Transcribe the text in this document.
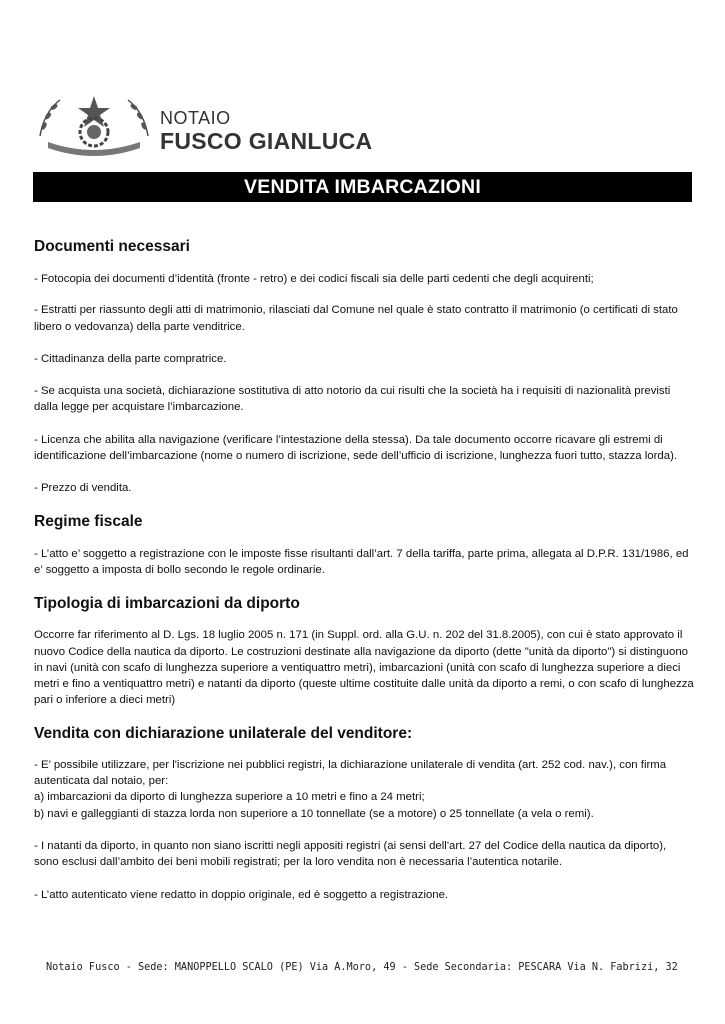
NOTAIO
FUSCO GIANLUCA
VENDITA IMBARCAZIONI
Documenti necessari

- Fotocopia dei documenti d’identità (fronte - retro) e dei codici fiscali sia delle parti cedenti che degli acquirenti;

- Estratti per riassunto degli atti di matrimonio, rilasciati dal Comune nel quale è stato contratto il matrimonio (o certificati di stato libero o vedovanza) della parte venditrice.

- Cittadinanza della parte compratrice.

- Se acquista una società, dichiarazione sostitutiva di atto notorio da cui risulti che la società ha i requisiti di nazionalità previsti dalla legge per acquistare l’imbarcazione.

- Licenza che abilita alla navigazione (verificare l’intestazione della stessa). Da tale documento occorre ricavare gli estremi di identificazione dell’imbarcazione (nome o numero di iscrizione, sede dell’ufficio di iscrizione, lunghezza fuori tutto, stazza lorda).

- Prezzo di vendita.

Regime fiscale

- L’atto e’ soggetto a registrazione con le imposte fisse risultanti dall’art. 7 della tariffa, parte prima, allegata al D.P.R. 131/1986, ed e’ soggetto a imposta di bollo secondo le regole ordinarie.

Tipologia di imbarcazioni da diporto

Occorre far riferimento al D. Lgs. 18 luglio 2005 n. 171 (in Suppl. ord. alla G.U. n. 202 del 31.8.2005), con cui è stato approvato il nuovo Codice della nautica da diporto. Le costruzioni destinate alla navigazione da diporto (dette "unità da diporto") si distinguono in navi (unità con scafo di lunghezza superiore a ventiquattro metri), imbarcazioni (unità con scafo di lunghezza superiore a dieci metri e fino a ventiquattro metri) e natanti da diporto (queste ultime costituite dalle unità da diporto a remi, o con scafo di lunghezza pari o inferiore a dieci metri)

Vendita con dichiarazione unilaterale del venditore:

- E’ possibile utilizzare, per l'iscrizione nei pubblici registri, la dichiarazione unilaterale di vendita (art. 252 cod. nav.), con firma autenticata dal notaio, per:
a) imbarcazioni da diporto di lunghezza superiore a 10 metri e fino a 24 metri;
b) navi e galleggianti di stazza lorda non superiore a 10 tonnellate (se a motore) o 25 tonnellate (a vela o remi).

- I natanti da diporto, in quanto non siano iscritti negli appositi registri (ai sensi dell'art. 27 del Codice della nautica da diporto), sono esclusi dall’ambito dei beni mobili registrati; per la loro vendita non è necessaria l’autentica notarile.

- L’atto autenticato viene redatto in doppio originale, ed è soggetto a registrazione.

Notaio Fusco - Sede: MANOPPELLO SCALO (PE) Via A.Moro, 49 - Sede Secondaria: PESCARA Via N. Fabrizi, 32
